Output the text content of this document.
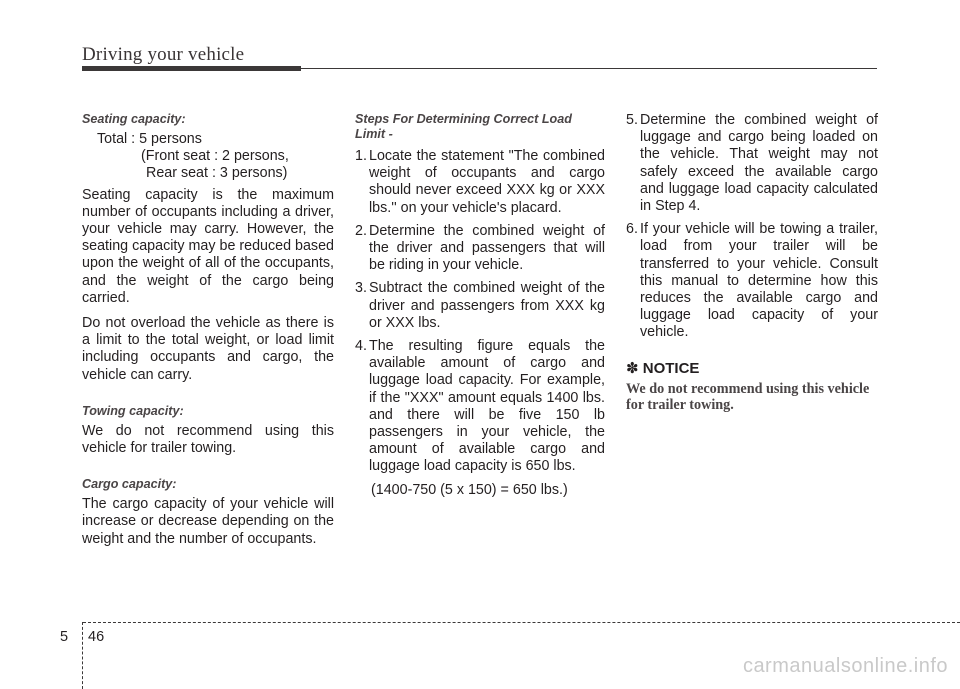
Driving your vehicle

Seating capacity:

Total : 5 persons

(Front seat : 2 persons,

Rear seat : 3 persons)

Seating capacity is the maximum number of occupants including a driver, your vehicle may carry. However, the seating capacity may be reduced based upon the weight of all of the occupants, and the weight of the cargo being carried.

Do not overload the vehicle as there is a limit to the total weight, or load limit including occupants and cargo, the vehicle can carry.

Towing capacity:

We do not recommend using this vehicle for trailer towing.

Cargo capacity:

The cargo capacity of your vehicle will increase or decrease depending on the weight and the number of occupants.

Steps For Determining Correct Load Limit -

1. Locate the statement "The combined weight of occupants and cargo should never exceed XXX kg or XXX lbs.'' on your vehicle's placard.
2. Determine the combined weight of the driver and passengers that will be riding in your vehicle.
3. Subtract the combined weight of the driver and passengers from XXX kg or XXX lbs.
4. The resulting figure equals the available amount of cargo and luggage load capacity. For example, if the "XXX" amount equals 1400 lbs. and there will be five 150 lb passengers in your vehicle, the amount of available cargo and luggage load capacity is 650 lbs.

(1400-750 (5 x 150) = 650 lbs.)

5. Determine the combined weight of luggage and cargo being loaded on the vehicle. That weight may not safely exceed the available cargo and luggage load capacity calculated in Step 4.
6. If your vehicle will be towing a trailer, load from your trailer will be transferred to your vehicle. Consult this manual to determine how this reduces the available cargo and luggage load capacity of your vehicle.

✽ NOTICE

We do not recommend using this vehicle for trailer towing.

5 46
carmanualsonline.info
